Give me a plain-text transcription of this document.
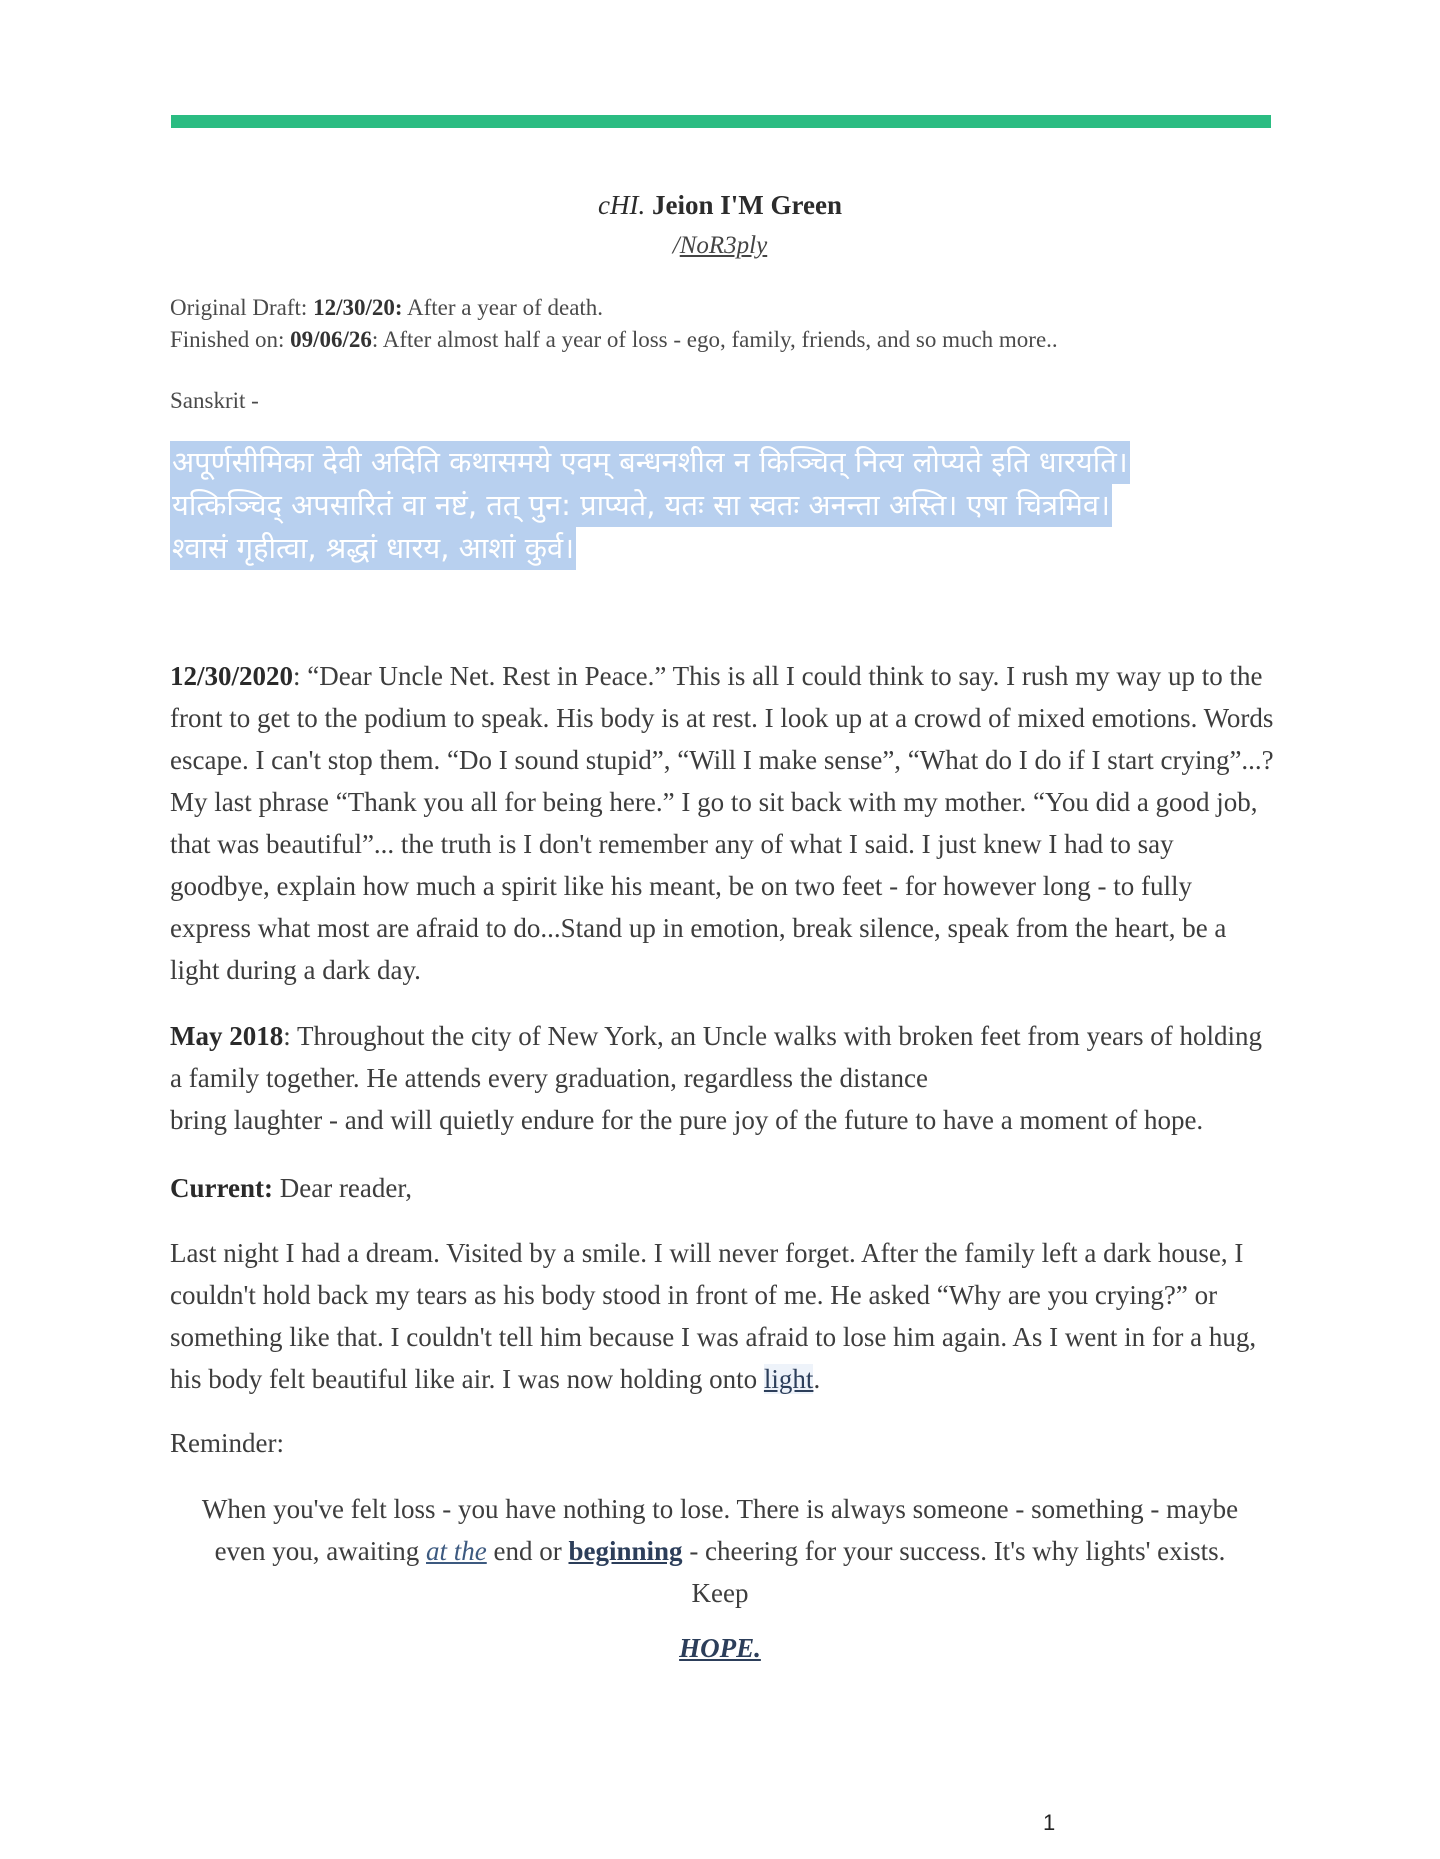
cHI. Jeion I'M Green
/NoR3ply
Original Draft: 12/30/20: After a year of death.
Finished on: 09/06/26: After almost half a year of loss - ego, family, friends, and so much more..
Sanskrit -
अपूर्णसीमिका देवी अदिति कथासमये एवम् बन्धनशील न किञ्चित् नित्य लोप्यते इति धारयति।
यत्किञ्चिद् अपसारितं वा नष्टं, तत् पुन: प्राप्यते, यतः सा स्वतः अनन्ता अस्ति। एषा चित्रमिव।
श्वासं गृहीत्वा, श्रद्धां धारय, आशां कुर्व।
12/30/2020: “Dear Uncle Net. Rest in Peace.” This is all I could think to say. I rush my way up to the front to get to the podium to speak. His body is at rest. I look up at a crowd of mixed emotions. Words escape. I can't stop them. “Do I sound stupid”, “Will I make sense”, “What do I do if I start crying”...? My last phrase “Thank you all for being here.” I go to sit back with my mother. “You did a good job, that was beautiful”... the truth is I don't remember any of what I said. I just knew I had to say goodbye, explain how much a spirit like his meant, be on two feet - for however long - to fully express what most are afraid to do...Stand up in emotion, break silence, speak from the heart, be a light during a dark day.
May 2018: Throughout the city of New York, an Uncle walks with broken feet from years of holding a family together. He attends every graduation, regardless the distance
bring laughter - and will quietly endure for the pure joy of the future to have a moment of hope.
Current: Dear reader,
Last night I had a dream. Visited by a smile. I will never forget. After the family left a dark house, I couldn't hold back my tears as his body stood in front of me. He asked “Why are you crying?” or something like that. I couldn't tell him because I was afraid to lose him again. As I went in for a hug, his body felt beautiful like air. I was now holding onto light.
Reminder:
When you've felt loss - you have nothing to lose. There is always someone - something - maybe
even you, awaiting at the end or beginning - cheering for your success. It's why lights' exists.
Keep
HOPE.
1
